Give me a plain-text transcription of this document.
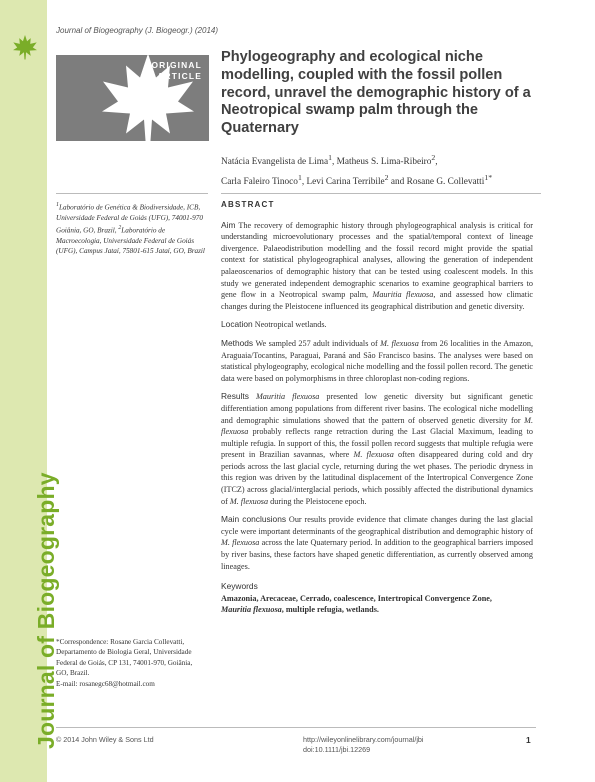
Journal of Biogeography
Journal of Biogeography (J. Biogeogr.) (2014)
ORIGINAL
ARTICLE
Phylogeography and ecological niche modelling, coupled with the fossil pollen record, unravel the demographic history of a Neotropical swamp palm through the Quaternary
Natácia Evangelista de Lima$^1$, Matheus S. Lima-Ribeiro$^2$,
Carla Faleiro Tinoco$^1$, Levi Carina Terribile$^2$ and Rosane G. Collevatti$^{1*}$
$^1$Laboratório de Genética & Biodiversidade, ICB, Universidade Federal de Goiás (UFG), 74001-970 Goiânia, GO, Brazil, $^2$Laboratório de Macroecologia, Universidade Federal de Goiás (UFG), Campus Jataí, 75801-615 Jataí, GO, Brazil
*Correspondence: Rosane Garcia Collevatti,
Departamento de Biologia Geral, Universidade
Federal de Goiás, CP 131, 74001-970, Goiânia,
GO, Brazil.
E-mail: rosanegc68@hotmail.com
ABSTRACT

Aim The recovery of demographic history through phylogeographical analysis is critical for understanding microevolutionary processes and the spatial/temporal context of lineage divergence. Palaeodistribution modelling and the fossil record might provide the spatial context for statistical phylogeographical analyses, allowing the generation of independent palaeoscenarios of demographic history that can be tested using coalescent models. In this study we generated independent demographic scenarios to examine geographical barriers to gene flow in a Neotropical swamp palm, Mauritia flexuosa, and assessed how climatic changes during the Pleistocene influenced its geographical distribution and genetic diversity.

Location Neotropical wetlands.

Methods We sampled 257 adult individuals of M. flexuosa from 26 localities in the Amazon, Araguaia/Tocantins, Paraguai, Paraná and São Francisco basins. The analyses were based on statistical phylogeography, ecological niche modelling and the fossil pollen record. The genetic data were based on polymorphisms in three chloroplast non-coding regions.

Results Mauritia flexuosa presented low genetic diversity but significant genetic differentiation among populations from different river basins. The ecological niche modelling and demographic simulations showed that the pattern of observed genetic diversity for M. flexuosa probably reflects range retraction during the Last Glacial Maximum, leading to multiple refugia. In support of this, the fossil pollen record suggests that multiple refugia were present in Brazilian savannas, where M. flexuosa often disappeared during cold and dry periods across the last glacial cycle, returning during the wet phases. The periodic dryness in this region was driven by the latitudinal displacement of the Intertropical Convergence Zone (ITCZ) across glacial/interglacial periods, which possibly affected the distributional dynamics of M. flexuosa during the Pleistocene epoch.

Main conclusions Our results provide evidence that climate changes during the last glacial cycle were important determinants of the geographical distribution and demographic history of M. flexuosa across the late Quaternary period. In addition to the geographical barriers imposed by river basins, these factors have shaped genetic differentiation, as currently observed among lineages.

Keywords
Amazonia, Arecaceae, Cerrado, coalescence, Intertropical Convergence Zone,
Mauritia flexuosa, multiple refugia, wetlands.
© 2014 John Wiley & Sons Ltd	http://wileyonlinelibrary.com/journal/jbi
doi:10.1111/jbi.12269
1
